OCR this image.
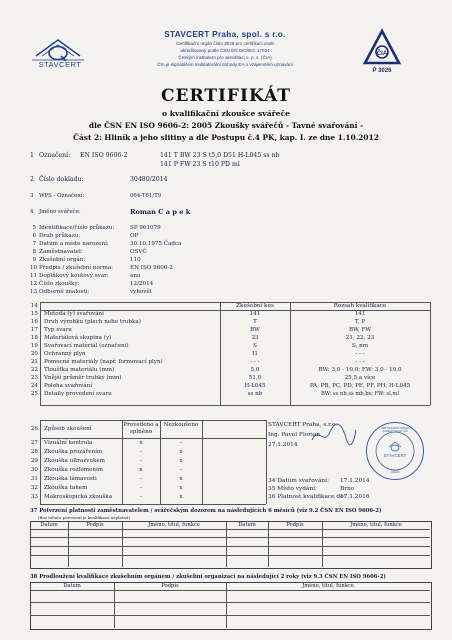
STAVCERT
STAVCERT Praha, spol. s r.o.
Certifikační orgán číslo 3026 pro certifikaci osob
akreditovaný podle ČSN EN ISO/IEC 17024
Českým institutem pro akreditaci o. p. s. (ČIA)
ČIA je signatářem multilaterální dohody EA o vzájemném uznávání
ČIA
P 3026
CERTIFIKÁT
o kvalifikační zkoušce svářeče
dle ČSN EN ISO 9606-2: 2005 Zkoušky svářečů - Tavné svařování -
Část 2: Hliník a jeho slitiny a dle Postupu č.4 PK, kap. I. ze dne 1.10.2012
1 Označení: EN ISO 9606-2	141 T BW 23 S t5,0 D51 H-L045 ss nb
141 P FW 23 S t10 PD ml
2 Číslo dokladu:	30480/2014
3 WPS - Označení:	064-T61/T9
4 Jméno svářeče:	Roman C a p e k
5 Identifikace/číslo průkazu:	SP 961079
6 Druh průkazu:	OP
7 Datum a místo narození:	30.10.1975 Čadca
8 Zaměstnavatel:	OSVČ
9 Zkušební orgán:	110
10 Předpis / zkušební norma:	EN ISO 9606-2
11 Doplňkový koutový svar:	ano
12 Číslo zkoušky:	12/2014
13 Odborné znalosti:	vyhověl
14	Zkušební kus	Rozsah kvalifikace
15 Metoda (y) svařování	141	141
16 Druh výrobku (plech nebo trubka)	T	T, P
17 Typ svaru	BW	BW, FW
18 Materiálová skupina (y)	23	21, 22, 23
19 Svařovací materiál (označení)	S	S, nm
20 Ochranný plyn	I1	- - -
21 Pomocné materiály (např. formovací plyn)	- - -	- - -
22 Tloušťka materiálu (mm)	5,0	BW: 3,0 - 10,0; FW: 3,0 - 10,0
23 Vnější průměr trubky (mm)	51,0	25,5 a více
24 Poloha svařování	H-L045	PA, PB, PC, PD, PE, PF, PH, H-L045
25 Detaily provedení svaru	ss nb	BW: ss nb,ss mb,bs; FW: sl,ml
26 Způsob zkoušení
Provedeno a splněno
Nezkoušeno
27 Vizuální kontrola	x	-
28 Zkouška prozářením	-	x
29 Zkouška ultrazvukem	-	x
30 Zkouška rozlomením	x	-
31 Zkouška lámavosti	-	x
32 Zkouška tahem	-	x
33 Makroskopická zkouška	-	x
STAVCERT Praha, s.r.o.
Ing. Pavel Florian
27.1.2014
34 Datum svařování: 17.1.2014
35 Místo vydání:	Brno
36 Platnost kvalifikace do:
17.1.2016
CERTIFIKAČNÍ ORGÁN AKREDITOVANÝ ČIA
STAVCERT
3026
37 Potvrzení platnosti zaměstnavatelem / svářečským dozorem na následujících 6 měsíců (viz 9.2 ČSN EN ISO 9606-2)
(Bez tohoto potvrzení je kvalifikace neplatná)
Datum	Podpis	Jméno, titul, funkce	Datum	Podpis	Jméno, titul, funkce
38 Prodloužení kvalifikace zkušebním orgánem / zkušební organizací na následující 2 roky (viz 9.3 ČSN EN ISO 9606-2)
Datum	Podpis	Jméno, titul, funkce
